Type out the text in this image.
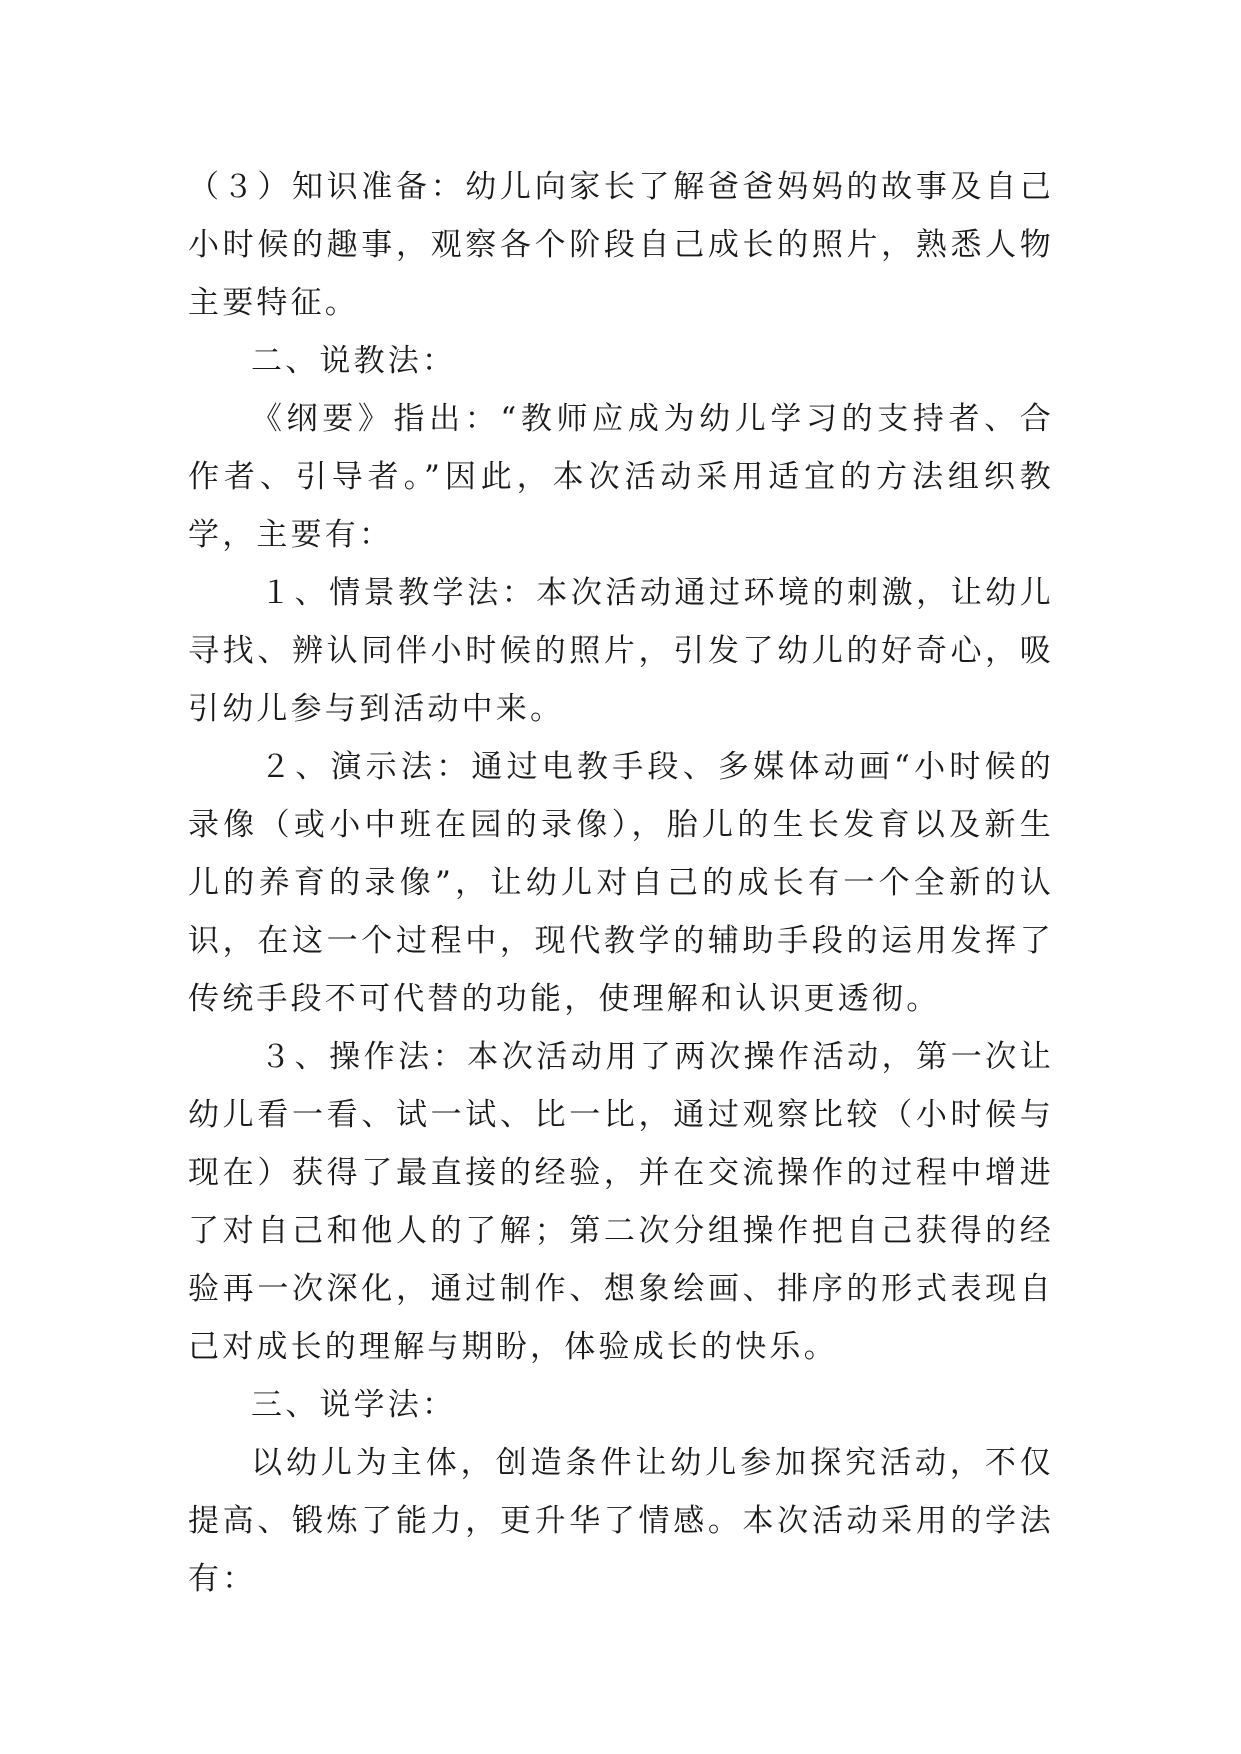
（３）知识准备：幼儿向家长了解爸爸妈妈的故事及自己小时候的趣事，观察各个阶段自己成长的照片，熟悉人物主要特征。

二、说教法：

《纲要》指出：“教师应成为幼儿学习的支持者、合作者、引导者。”因此，本次活动采用适宜的方法组织教学，主要有：

１、情景教学法：本次活动通过环境的刺激，让幼儿寻找、辨认同伴小时候的照片，引发了幼儿的好奇心，吸引幼儿参与到活动中来。

２、演示法：通过电教手段、多媒体动画“小时候的录像（或小中班在园的录像），胎儿的生长发育以及新生儿的养育的录像”，让幼儿对自己的成长有一个全新的认识，在这一个过程中，现代教学的辅助手段的运用发挥了传统手段不可代替的功能，使理解和认识更透彻。

３、操作法：本次活动用了两次操作活动，第一次让幼儿看一看、试一试、比一比，通过观察比较（小时候与现在）获得了最直接的经验，并在交流操作的过程中增进了对自己和他人的了解；第二次分组操作把自己获得的经验再一次深化，通过制作、想象绘画、排序的形式表现自己对成长的理解与期盼，体验成长的快乐。

三、说学法：

以幼儿为主体，创造条件让幼儿参加探究活动，不仅提高、锻炼了能力，更升华了情感。本次活动采用的学法有：
